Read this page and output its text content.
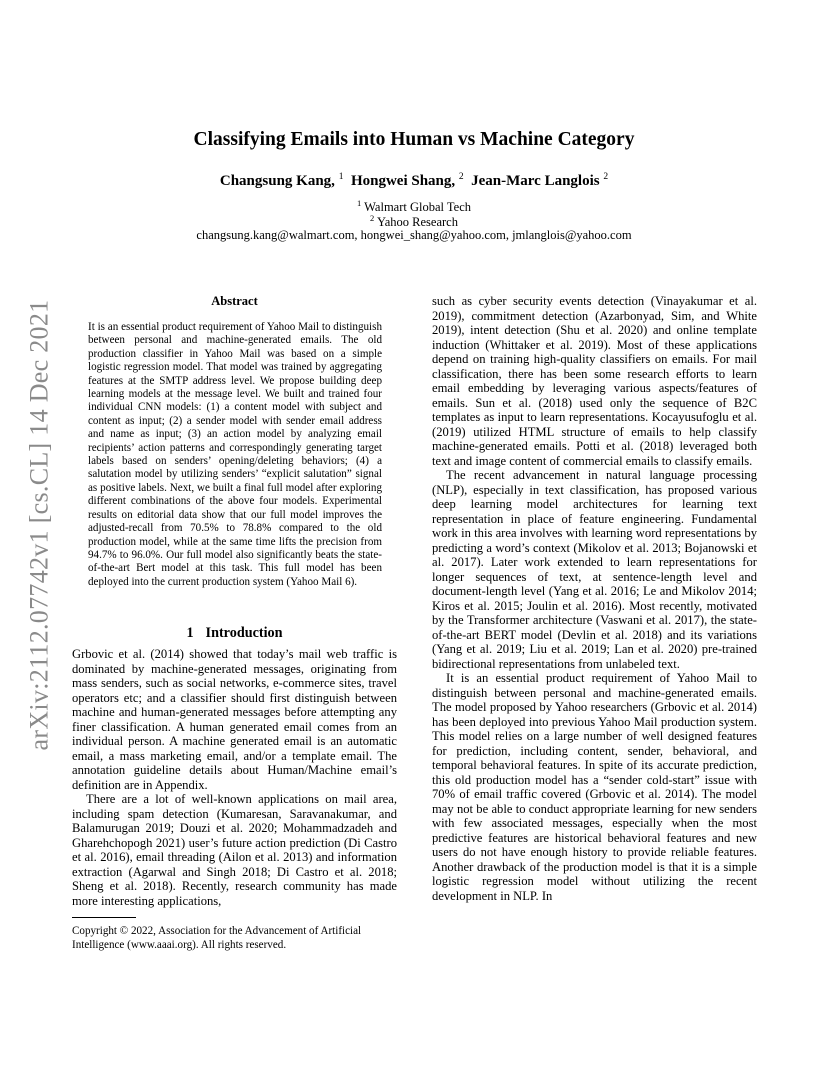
arXiv:2112.07742v1 [cs.CL] 14 Dec 2021
Classifying Emails into Human vs Machine Category
Changsung Kang, $^1$ Hongwei Shang, $^2$ Jean-Marc Langlois $^2$
$^1$ Walmart Global Tech
$^2$ Yahoo Research
changsung.kang@walmart.com, hongwei_shang@yahoo.com, jmlanglois@yahoo.com
Abstract

It is an essential product requirement of Yahoo Mail to distinguish between personal and machine-generated emails. The old production classifier in Yahoo Mail was based on a simple logistic regression model. That model was trained by aggregating features at the SMTP address level. We propose building deep learning models at the message level. We built and trained four individual CNN models: (1) a content model with subject and content as input; (2) a sender model with sender email address and name as input; (3) an action model by analyzing email recipients’ action patterns and correspondingly generating target labels based on senders’ opening/deleting behaviors; (4) a salutation model by utilizing senders’ “explicit salutation” signal as positive labels. Next, we built a final full model after exploring different combinations of the above four models. Experimental results on editorial data show that our full model improves the adjusted-recall from 70.5% to 78.8% compared to the old production model, while at the same time lifts the precision from 94.7% to 96.0%. Our full model also significantly beats the state-of-the-art Bert model at this task. This full model has been deployed into the current production system (Yahoo Mail 6).

1 Introduction

Grbovic et al. (2014) showed that today’s mail web traffic is dominated by machine-generated messages, originating from mass senders, such as social networks, e-commerce sites, travel operators etc; and a classifier should first distinguish between machine and human-generated messages before attempting any finer classification. A human generated email comes from an individual person. A machine generated email is an automatic email, a mass marketing email, and/or a template email. The annotation guideline details about Human/Machine email’s definition are in Appendix.

There are a lot of well-known applications on mail area, including spam detection (Kumaresan, Saravanakumar, and Balamurugan 2019; Douzi et al. 2020; Mohammadzadeh and Gharehchopogh 2021) user’s future action prediction (Di Castro et al. 2016), email threading (Ailon et al. 2013) and information extraction (Agarwal and Singh 2018; Di Castro et al. 2018; Sheng et al. 2018). Recently, research community has made more interesting applications,

Copyright © 2022, Association for the Advancement of Artificial Intelligence (www.aaai.org). All rights reserved.

such as cyber security events detection (Vinayakumar et al. 2019), commitment detection (Azarbonyad, Sim, and White 2019), intent detection (Shu et al. 2020) and online template induction (Whittaker et al. 2019). Most of these applications depend on training high-quality classifiers on emails. For mail classification, there has been some research efforts to learn email embedding by leveraging various aspects/features of emails. Sun et al. (2018) used only the sequence of B2C templates as input to learn representations. Kocayusufoglu et al. (2019) utilized HTML structure of emails to help classify machine-generated emails. Potti et al. (2018) leveraged both text and image content of commercial emails to classify emails.

The recent advancement in natural language processing (NLP), especially in text classification, has proposed various deep learning model architectures for learning text representation in place of feature engineering. Fundamental work in this area involves with learning word representations by predicting a word’s context (Mikolov et al. 2013; Bojanowski et al. 2017). Later work extended to learn representations for longer sequences of text, at sentence-length level and document-length level (Yang et al. 2016; Le and Mikolov 2014; Kiros et al. 2015; Joulin et al. 2016). Most recently, motivated by the Transformer architecture (Vaswani et al. 2017), the state-of-the-art BERT model (Devlin et al. 2018) and its variations (Yang et al. 2019; Liu et al. 2019; Lan et al. 2020) pre-trained bidirectional representations from unlabeled text.

It is an essential product requirement of Yahoo Mail to distinguish between personal and machine-generated emails. The model proposed by Yahoo researchers (Grbovic et al. 2014) has been deployed into previous Yahoo Mail production system. This model relies on a large number of well designed features for prediction, including content, sender, behavioral, and temporal behavioral features. In spite of its accurate prediction, this old production model has a “sender cold-start” issue with 70% of email traffic covered (Grbovic et al. 2014). The model may not be able to conduct appropriate learning for new senders with few associated messages, especially when the most predictive features are historical behavioral features and new users do not have enough history to provide reliable features. Another drawback of the production model is that it is a simple logistic regression model without utilizing the recent development in NLP. In
